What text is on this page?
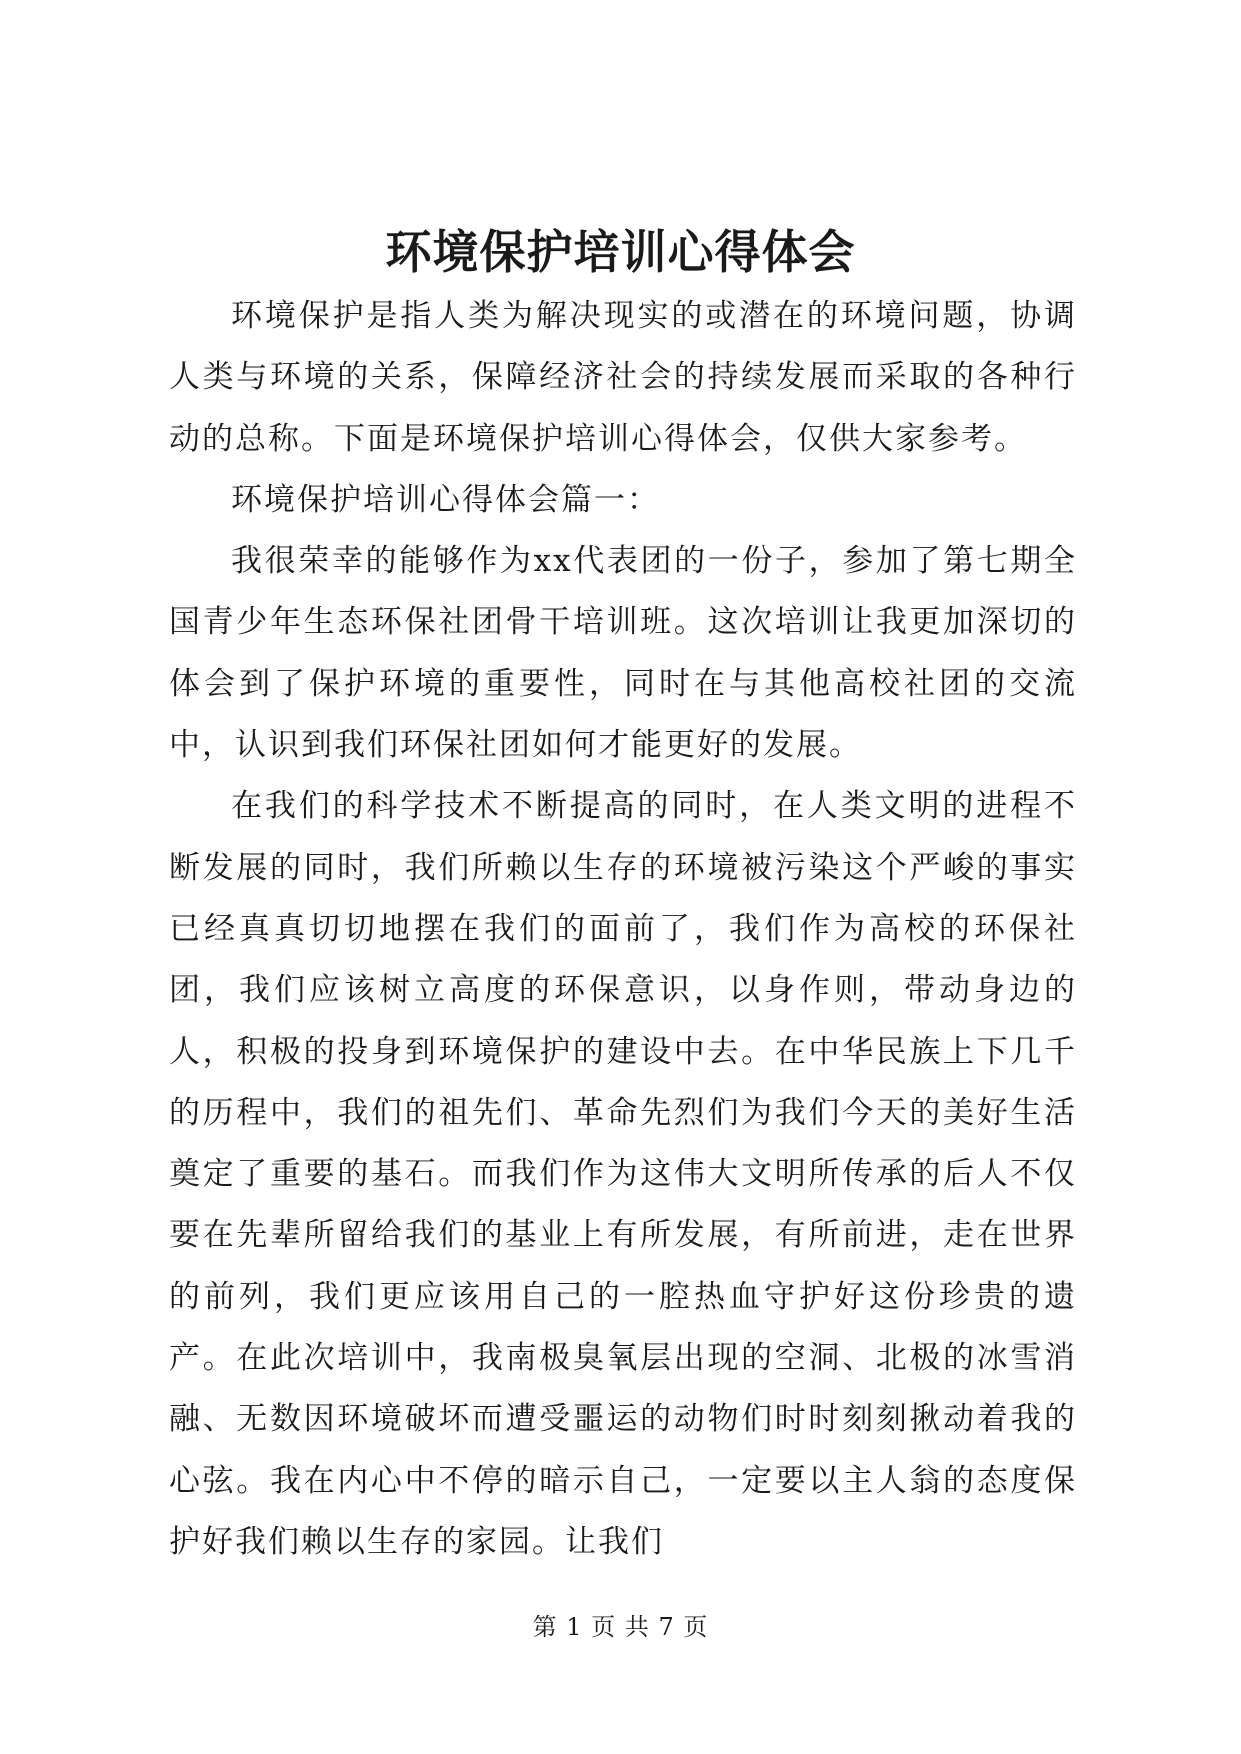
环境保护培训心得体会

环境保护是指人类为解决现实的或潜在的环境问题，协调人类与环境的关系，保障经济社会的持续发展而采取的各种行动的总称。下面是环境保护培训心得体会，仅供大家参考。

环境保护培训心得体会篇一：

我很荣幸的能够作为xx代表团的一份子，参加了第七期全国青少年生态环保社团骨干培训班。这次培训让我更加深切的体会到了保护环境的重要性，同时在与其他高校社团的交流中，认识到我们环保社团如何才能更好的发展。

在我们的科学技术不断提高的同时，在人类文明的进程不断发展的同时，我们所赖以生存的环境被污染这个严峻的事实已经真真切切地摆在我们的面前了，我们作为高校的环保社团，我们应该树立高度的环保意识，以身作则，带动身边的人，积极的投身到环境保护的建设中去。在中华民族上下几千的历程中，我们的祖先们、革命先烈们为我们今天的美好生活奠定了重要的基石。而我们作为这伟大文明所传承的后人不仅要在先辈所留给我们的基业上有所发展，有所前进，走在世界的前列，我们更应该用自己的一腔热血守护好这份珍贵的遗产。在此次培训中，我南极臭氧层出现的空洞、北极的冰雪消融、无数因环境破坏而遭受噩运的动物们时时刻刻揪动着我的心弦。我在内心中不停的暗示自己，一定要以主人翁的态度保护好我们赖以生存的家园。让我们

第 1 页 共 7 页
